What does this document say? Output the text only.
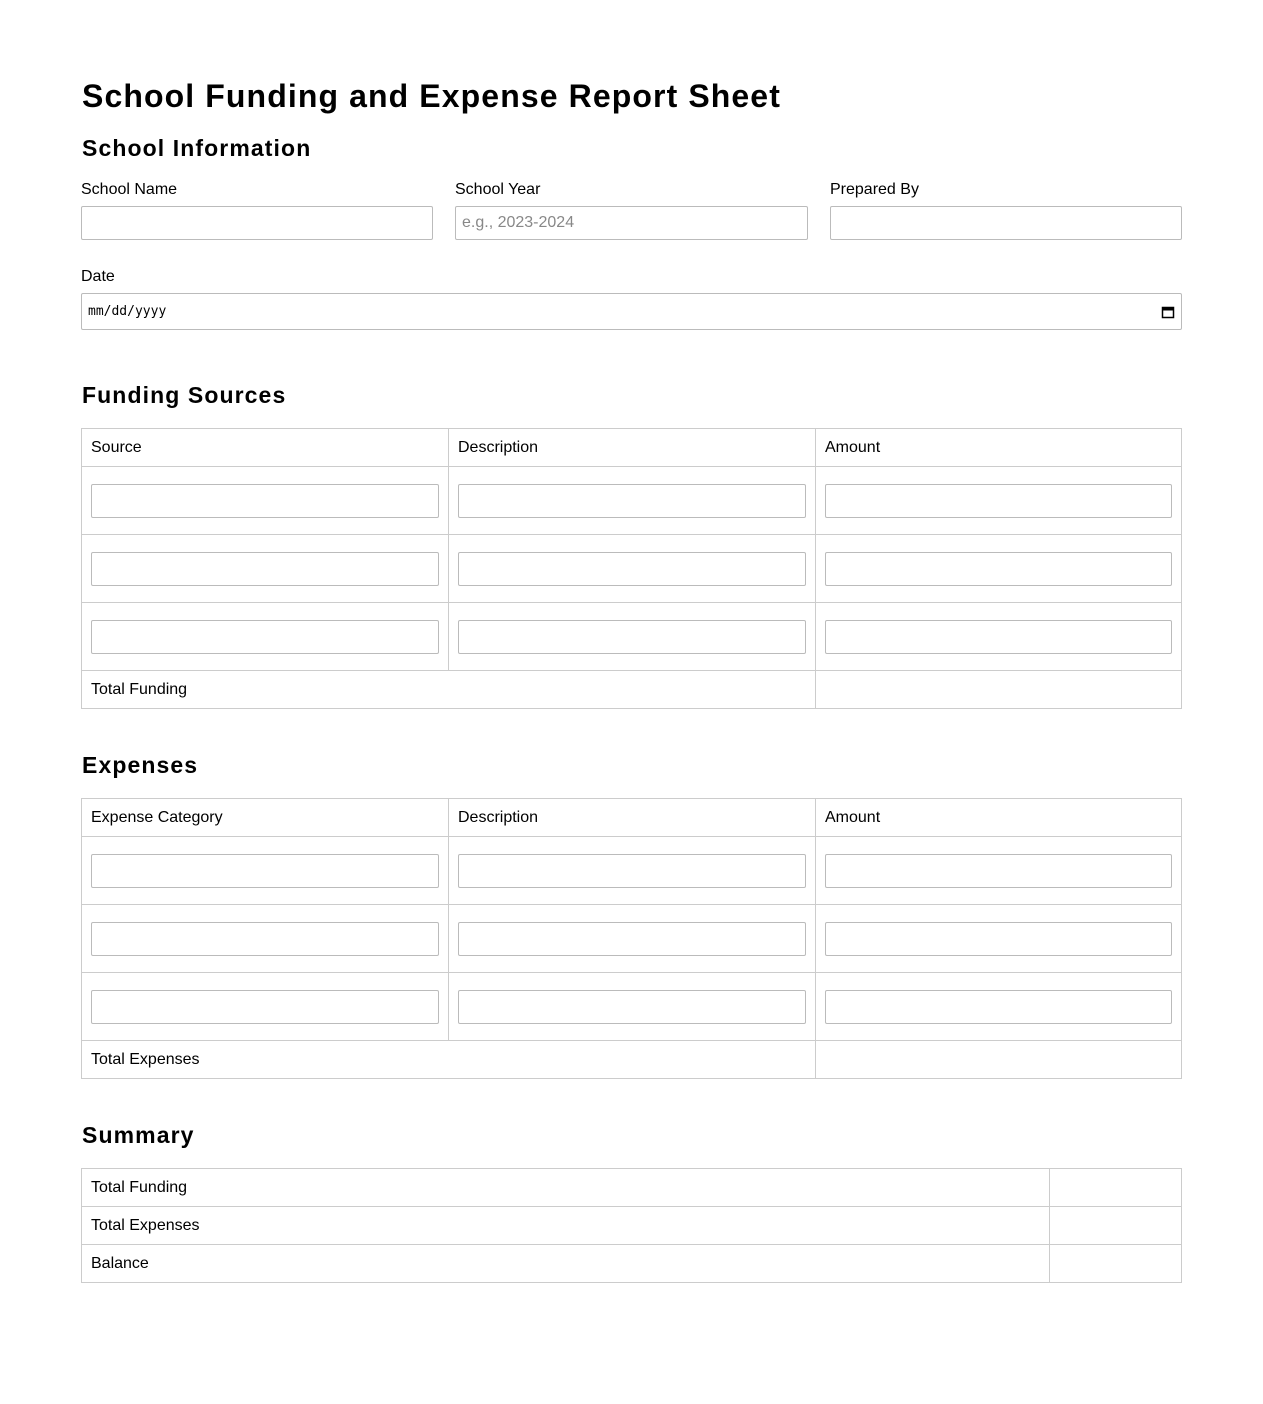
School Funding and Expense Report Sheet
School Information
School Name	School Year	Prepared By
e.g., 2023-2024
Date
mm/dd/yyyy
Funding Sources
Source	Description	Amount

Total Funding		
Expenses
Expense Category	Description	Amount

Total Expenses		
Summary
Total Funding	
Total Expenses	
Balance	
